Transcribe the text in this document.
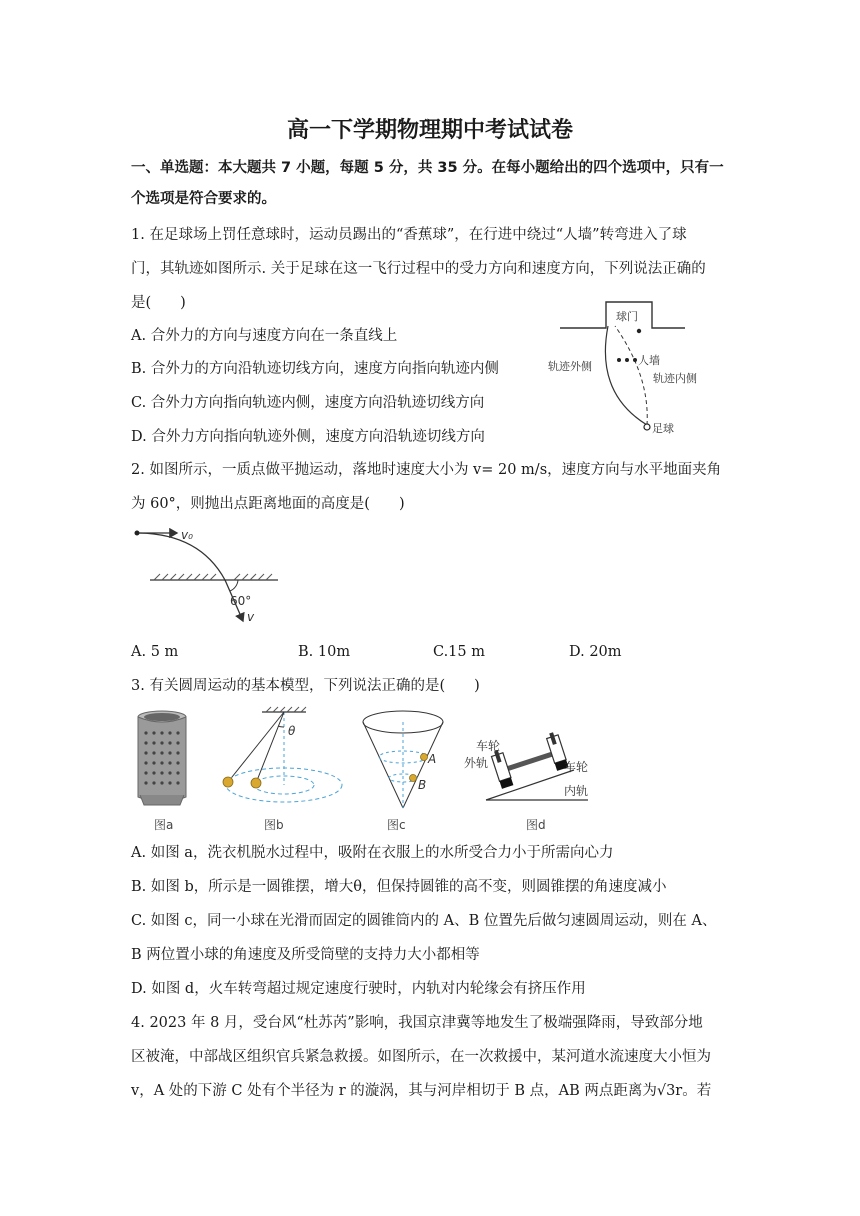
高一下学期物理期中考试试卷
一、单选题：本大题共 7 小题，每题 5 分，共 35 分。在每小题给出的四个选项中，只有一
个选项是符合要求的。
1. 在足球场上罚任意球时，运动员踢出的“香蕉球”，在行进中绕过“人墙”转弯进入了球
门，其轨迹如图所示. 关于足球在这一飞行过程中的受力方向和速度方向，下列说法正确的
是(　　)
A. 合外力的方向与速度方向在一条直线上
B. 合外力的方向沿轨迹切线方向，速度方向指向轨迹内侧
C. 合外力方向指向轨迹内侧，速度方向沿轨迹切线方向
D. 合外力方向指向轨迹外侧，速度方向沿轨迹切线方向
球门
人墙
轨迹外侧
轨迹内侧
足球
2. 如图所示，一质点做平抛运动，落地时速度大小为 v= 20 m/s，速度方向与水平地面夹角
为 60°，则抛出点距离地面的高度是(　　)
v₀
60°
v
A. 5 m	B. 10m	C.15 m	D. 20m
3. 有关圆周运动的基本模型，下列说法正确的是(　　)
图a
θ
图b
A
B
图c
车轮
外轨	车轮
内轨
图d
A. 如图 a，洗衣机脱水过程中，吸附在衣服上的水所受合力小于所需向心力
B. 如图 b，所示是一圆锥摆，增大θ，但保持圆锥的高不变，则圆锥摆的角速度减小
C. 如图 c，同一小球在光滑而固定的圆锥筒内的 A、B 位置先后做匀速圆周运动，则在 A、
B 两位置小球的角速度及所受筒壁的支持力大小都相等
D. 如图 d，火车转弯超过规定速度行驶时，内轨对内轮缘会有挤压作用
4. 2023 年 8 月，受台风“杜苏芮”影响，我国京津冀等地发生了极端强降雨，导致部分地
区被淹，中部战区组织官兵紧急救援。如图所示，在一次救援中，某河道水流速度大小恒为
v，A 处的下游 C 处有个半径为 r 的漩涡，其与河岸相切于 B 点，AB 两点距离为√3r。若
